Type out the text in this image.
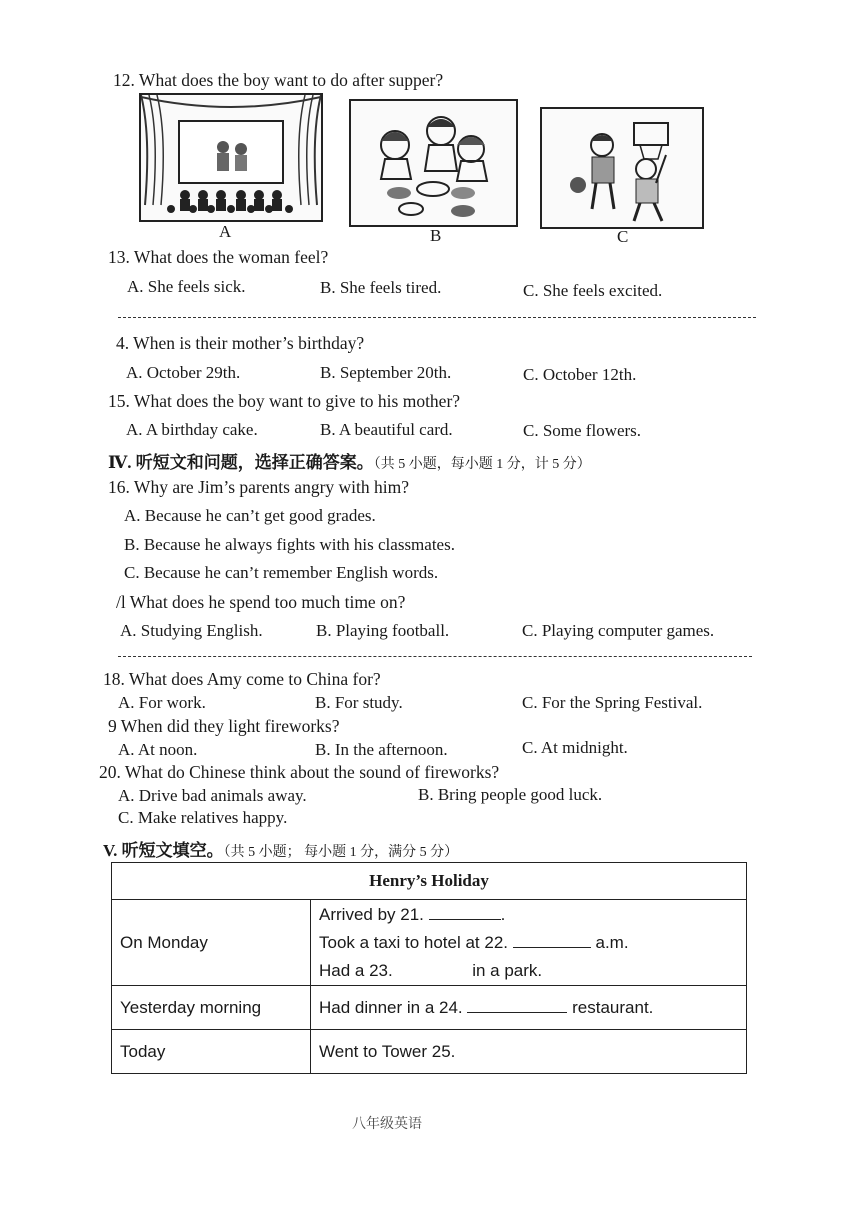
12. What does the boy want to do after supper?
A	B	C
13. What does the woman feel?
A. She feels sick.	B. She feels tired.	C. She feels excited.
4. When is their mother’s birthday?
A. October 29th.	B. September 20th.	C. October 12th.
15. What does the boy want to give to his mother?
A. A birthday cake.	B. A beautiful card.	C. Some flowers.
Ⅳ. 听短文和问题，选择正确答案。（共 5 小题，每小题 1 分，计 5 分）
16. Why are Jim’s parents angry with him?
A. Because he can’t get good grades.
B. Because he always fights with his classmates.
C. Because he can’t remember English words.
/l What does he spend too much time on?
A. Studying English.	B. Playing football.	C. Playing computer games.
18. What does Amy come to China for?
A. For work.	B. For study.	C. For the Spring Festival.
9 When did they light fireworks?
A. At noon.	B. In the afternoon.	C. At midnight.
20. What do Chinese think about the sound of fireworks?
A. Drive bad animals away.	B. Bring people good luck.
C. Make relatives happy.
V. 听短文填空。（共 5 小题； 每小题 1 分，满分 5 分）
Henry’s Holiday	
On Monday	Arrived by 21. .
Took a taxi to hotel at 22. a.m.
Had a 23. in a park.

Yesterday morning	Had dinner in a 24. restaurant.

Today	Went to Tower 25.
八年级英语
